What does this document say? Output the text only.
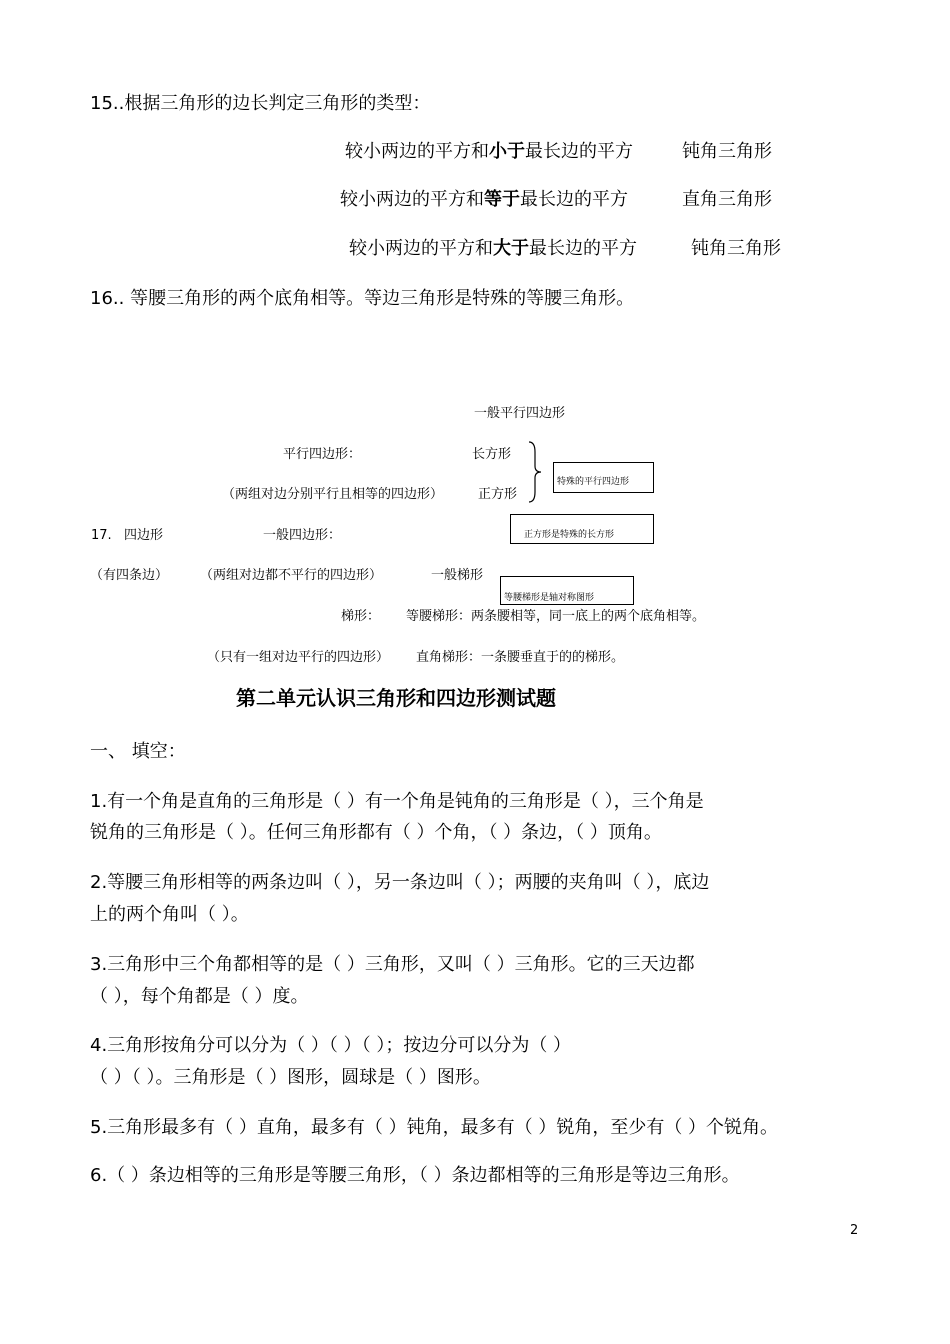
15..根据三角形的边长判定三角形的类型：
较小两边的平方和小于最长边的平方	钝角三角形
较小两边的平方和等于最长边的平方	直角三角形
较小两边的平方和大于最长边的平方	钝角三角形
16.. 等腰三角形的两个底角相等。等边三角形是特殊的等腰三角形。
一般平行四边形
平行四边形：	长方形
特殊的平行四边形
（两组对边分别平行且相等的四边形）	正方形
正方形是特殊的长方形
17. 四边形	一般四边形：
（有四条边） （两组对边都不平行的四边形）	一般梯形
等腰梯形是轴对称图形
梯形： 等腰梯形：两条腰相等，同一底上的两个底角相等。
（只有一组对边平行的四边形） 直角梯形：一条腰垂直于的的梯形。
第二单元认识三角形和四边形测试题
一、 填空：
1.有一个角是直角的三角形是（ ）有一个角是钝角的三角形是（ ），三个角是
锐角的三角形是（ ）。任何三角形都有（ ）个角，（ ）条边，（ ）顶角。
2.等腰三角形相等的两条边叫（ ），另一条边叫（ ）；两腰的夹角叫（ ），底边
上的两个角叫（ ）。
3.三角形中三个角都相等的是（ ）三角形，又叫（ ）三角形。它的三天边都
（ ），每个角都是（ ）度。
4.三角形按角分可以分为（ ）（ ）（ ）；按边分可以分为（ ）
（ ）（ ）。三角形是（ ）图形，圆球是（ ）图形。
5.三角形最多有（ ）直角，最多有（ ）钝角，最多有（ ）锐角，至少有（ ）个锐角。
6.（ ）条边相等的三角形是等腰三角形，（ ）条边都相等的三角形是等边三角形。
2
